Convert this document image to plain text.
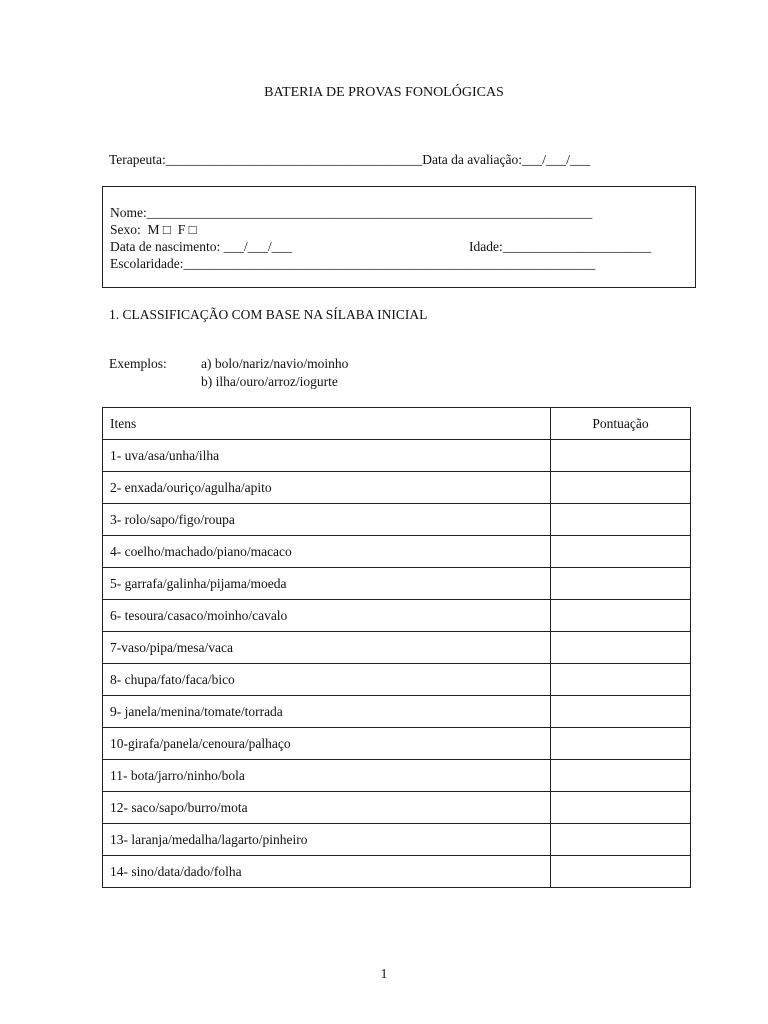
BATERIA DE PROVAS FONOLÓGICAS
Terapeuta:______________________________________Data da avaliação:___/___/___
Nome:__________________________________________________________________
Sexo:  M □  F □
Data de nascimento: ___/___/___	Idade:______________________
Escolaridade:_____________________________________________________________
1. CLASSIFICAÇÃO COM BASE NA SÍLABA INICIAL
Exemplos:	a) bolo/nariz/navio/moinho
b) ilha/ouro/arroz/iogurte
Itens	Pontuação
1- uva/asa/unha/ilha	
2- enxada/ouriço/agulha/apito	
3- rolo/sapo/figo/roupa	
4- coelho/machado/piano/macaco	
5- garrafa/galinha/pijama/moeda	
6- tesoura/casaco/moinho/cavalo	
7-vaso/pipa/mesa/vaca	
8- chupa/fato/faca/bico	
9- janela/menina/tomate/torrada	
10-girafa/panela/cenoura/palhaço	
11- bota/jarro/ninho/bola	
12- saco/sapo/burro/mota	
13- laranja/medalha/lagarto/pinheiro	
14- sino/data/dado/folha	
1
